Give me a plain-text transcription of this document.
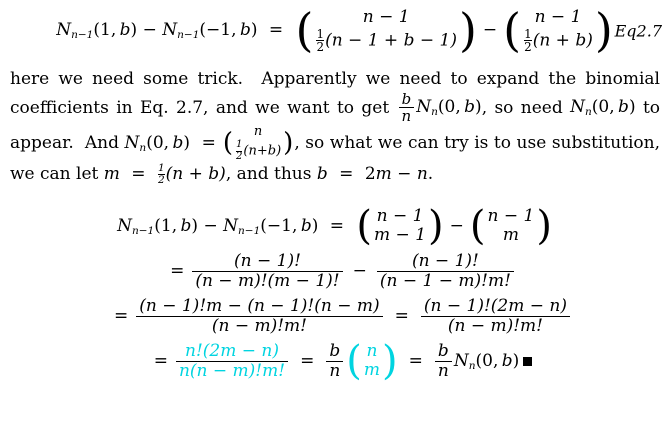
$N_{n-1}(1$,  $b) - N_{n-1}(-1$,  b) = (	n − 1
$\frac{1}{2} (n - 1 + b - 1)$ ) − ( n − 1
$\frac{1}{2} (n + b)$ ) Eq2.7
here we need some trick.  Apparently we need to expand the binomial coefficients in Eq. 2.7, and we want to get $\frac{b}{n} N_n(0$,  b), so need $N_n(0$,  b) to appear.  And $N_n(0$,  b) = (	n
$\frac{1}{2} (n+b)$ ) , so what we can try is to use substitution, we can let $m = \frac{1}{2} (n + b)$, and thus b = 2m − n.
$N_{n-1}(1$,  $b) - N_{n-1}(-1$,  b) = ( n − 1
m − 1 ) − ( n − 1
m )
= $\frac{(n - 1)!}{(n - m)!(m - 1)!} - \frac{(n - 1)!}{(n - 1 - m)!m!}$
= $\frac{(n - 1)!m - (n - 1)!(n - m)}{(n - m)!m!} = \frac{(n - 1)!(2m - n)}{(n - m)!m!}$
= $\frac{n!(2m - n)}{n(n - m)!m!} = \frac{b}{n}$ ( n
m ) = $\frac{b}{n} N_n(0$,  b)
